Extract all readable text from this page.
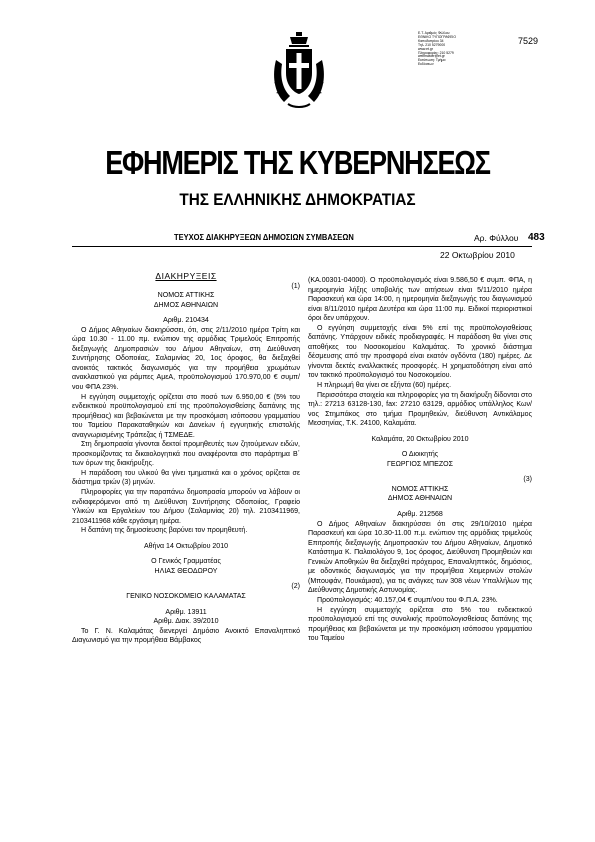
Ε.Τ. Αριθμός Φύλλου
ΕΘΝΙΚΟ ΤΥΠΟΓΡΑΦΕΙΟ
Καποδιστρίου 34
Τηλ. 210 5279000
www.et.gr
Πληροφορίες: 210 5279
webmaster@et.gr
Εκτύπωση: Τμήμα
Εκδόσεων
7529
ΕΦΗΜΕΡΙΣ ΤΗΣ ΚΥΒΕΡΝΗΣΕΩΣ
ΤΗΣ ΕΛΛΗΝΙΚΗΣ ΔΗΜΟΚΡΑΤΙΑΣ
ΤΕΥΧΟΣ ΔΙΑΚΗΡΥΞΕΩΝ ΔΗΜΟΣΙΩΝ ΣΥΜΒΑΣΕΩΝ	Αρ. Φύλλου 483
22 Οκτωβρίου 2010

ΔΙΑΚΗΡΥΞΕΙΣ

(1)

ΝΟΜΟΣ ΑΤΤΙΚΗΣ

ΔΗΜΟΣ ΑΘΗΝΑΙΩΝ

Αριθμ. 210434

Ο Δήμος Αθηναίων διακηρύσσει, ότι, στις 2/11/2010 ημέρα Τρίτη και ώρα 10.30 - 11.00 πμ. ενώπιον της αρμόδιας Τριμελούς Επιτροπής διεξαγωγής Δημοπρασιών του Δήμου Αθηναίων, στη Διεύθυνση Συντήρησης Οδοποιίας, Σαλαμινίας 20, 1ος όροφος, θα διεξαχθεί ανοικτός τακτικός διαγωνισμός για την προμήθεια χρωμάτων ανακλαστικού για ράμπες ΑμεΑ, προϋπολογισμού 170.970,00 € συμπ/νου ΦΠΑ 23%.

Η εγγύηση συμμετοχής ορίζεται στο ποσό των 6.950,00 € (5% του ενδεικτικού προϋπολογισμού επί της προϋπολογισθείσης δαπάνης της προμήθειας) και βεβαιώνεται με την προσκόμιση ισόποσου γραμματίου του Ταμείου Παρακαταθηκών και Δανείων ή εγγυητικής επιστολής αναγνωρισμένης Τράπεζας ή ΤΣΜΕΔΕ.

Στη δημοπρασία γίνονται δεκτοί προμηθευτές των ζητούμενων ειδών, προσκομίζοντας τα δικαιολογητικά που αναφέρονται στο παράρτημα Β΄ των όρων της διακήρυξης.

Η παράδοση του υλικού θα γίνει τμηματικά και ο χρόνος ορίζεται σε διάστημα τριών (3) μηνών.

Πληροφορίες για την παραπάνω δημοπρασία μπορούν να λάβουν οι ενδιαφερόμενοι από τη Διεύθυνση Συντήρησης Οδοποιίας, Γραφείο Υλικών και Εργαλείων του Δήμου (Σαλαμινίας 20) τηλ. 2103411969, 2103411968 κάθε εργάσιμη ημέρα.

Η δαπάνη της δημοσίευσης βαρύνει τον προμηθευτή.

Αθήνα 14 Οκτωβρίου 2010

Ο Γενικός Γραμματέας

ΗΛΙΑΣ ΘΕΟΔΩΡΟΥ

(2)

ΓΕΝΙΚΟ ΝΟΣΟΚΟΜΕΙΟ ΚΑΛΑΜΑΤΑΣ

Αριθμ. 13911

Αριθμ. Διακ. 39/2010

Το Γ. Ν. Καλαμάτας διενεργεί Δημόσιο Ανοικτό Επαναληπτικό Διαγωνισμό για την προμήθεια Βάμβακος

(ΚΑ.00301-04000). Ο προϋπολογισμός είναι 9.586,50 € συμπ. ΦΠΑ, η ημερομηνία λήξης υποβολής των αιτήσεων είναι 5/11/2010 ημέρα Παρασκευή και ώρα 14:00, η ημερομηνία διεξαγωγής του διαγωνισμού είναι 8/11/2010 ημέρα Δευτέρα και ώρα 11:00 πμ. Ειδικοί περιοριστικοί όροι δεν υπάρχουν.

Ο εγγύηση συμμετοχής είναι 5% επί της προϋπολογισθείσας δαπάνης. Υπάρχουν ειδικές προδιαγραφές. Η παράδοση θα γίνει στις αποθήκες του Νοσοκομείου Καλαμάτας. Το χρονικό διάστημα δέσμευσης από την προσφορά είναι εκατόν ογδόντα (180) ημέρες. Δε γίνονται δεκτές εναλλακτικές προσφορές. Η χρηματοδότηση είναι από τον τακτικό προϋπολογισμό του Νοσοκομείου.

Η πληρωμή θα γίνει σε εξήντα (60) ημέρες.

Περισσότερα στοιχεία και πληροφορίες για τη διακήρυξη δίδονται στο τηλ.: 27213 63128-130, fax: 27210 63129, αρμόδιος υπάλληλος Κων/νος Στημπάκος στο τμήμα Προμηθειών, διεύθυνση Αντικάλαμος Μεσσηνίας, Τ.Κ. 24100, Καλαμάτα.

Καλαμάτα, 20 Οκτωβρίου 2010

Ο Διοικητής

ΓΕΩΡΓΙΟΣ ΜΠΕΖΟΣ

(3)

ΝΟΜΟΣ ΑΤΤΙΚΗΣ

ΔΗΜΟΣ ΑΘΗΝΑΙΩΝ

Αριθμ. 212568

Ο Δήμος Αθηναίων διακηρύσσει ότι στις 29/10/2010 ημέρα Παρασκευή και ώρα 10.30-11.00 π.μ. ενώπιον της αρμόδιας τριμελούς Επιτροπής διεξαγωγής Δημοπρασιών του Δήμου Αθηναίων, Δημοτικό Κατάστημα Κ. Παλαιολόγου 9, 1ος όροφος, Διεύθυνση Προμηθειών και Γενικών Αποθηκών θα διεξαχθεί πρόχειρος, Επαναληπτικός, δημόσιος, με οδοντικός διαγωνισμός για την προμήθεια Χειμερινών στολών (Μπουφάν, Πουκάμισα), για τις ανάγκες των 308 νέων Υπαλλήλων της Διεύθυνσης Δημοτικής Αστυνομίας.

Προϋπολογισμός: 40.157,04 € συμπ/νου του Φ.Π.Α. 23%.

Η εγγύηση συμμετοχής ορίζεται στο 5% του ενδεικτικού προϋπολογισμού επί της συνολικής προϋπολογισθείσας δαπάνης της προμήθειας και βεβαιώνεται με την προσκόμιση ισόποσου γραμματίου του Ταμείου
